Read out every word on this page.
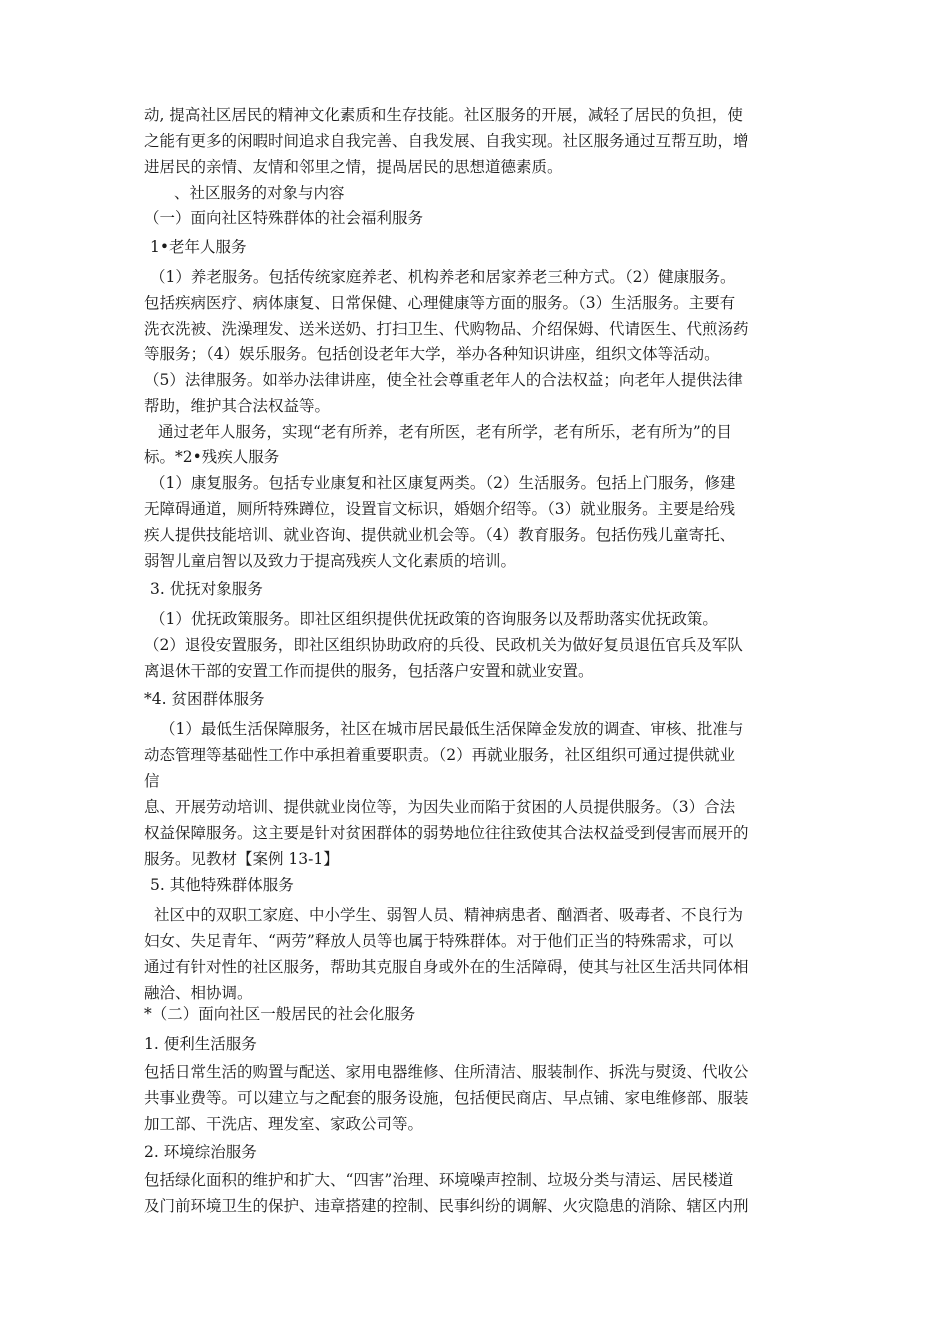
动, 提高社区居民的精神文化素质和生存技能。社区服务的开展，减轻了居民的负担，使
之能有更多的闲暇时间追求自我完善、自我发展、自我实现。社区服务通过互帮互助，增
进居民的亲情、友情和邻里之情，提咼居民的思想道德素质。
、社区服务的对象与内容
（一）面向社区特殊群体的社会福利服务
1•老年人服务
（1）养老服务。包括传统家庭养老、机构养老和居家养老三种方式。（2）健康服务。
包括疾病医疗、病体康复、日常保健、心理健康等方面的服务。（3）生活服务。主要有
洗衣洗被、洗澡理发、送米送奶、打扫卫生、代购物品、介绍保姆、代请医生、代煎汤药
等服务；（4）娱乐服务。包括创设老年大学，举办各种知识讲座，组织文体等活动。
（5）法律服务。如举办法律讲座，使全社会尊重老年人的合法权益；向老年人提供法律
帮助，维护其合法权益等。
通过老年人服务，实现“老有所养，老有所医，老有所学，老有所乐，老有所为”的目
标。*2•残疾人服务
（1）康复服务。包括专业康复和社区康复两类。（2）生活服务。包括上门服务，修建
无障碍通道，厕所特殊蹲位，设置盲文标识，婚姻介绍等。（3）就业服务。主要是给残
疾人提供技能培训、就业咨询、提供就业机会等。（4）教育服务。包括伤残儿童寄托、
弱智儿童启智以及致力于提高残疾人文化素质的培训。
3. 优抚对象服务
（1）优抚政策服务。即社区组织提供优抚政策的咨询服务以及帮助落实优抚政策。
（2）退役安置服务，即社区组织协助政府的兵役、民政机关为做好复员退伍官兵及军队
离退休干部的安置工作而提供的服务，包括落户安置和就业安置。
*4. 贫困群体服务
（1）最低生活保障服务，社区在城市居民最低生活保障金发放的调查、审核、批准与
动态管理等基础性工作中承担着重要职责。（2）再就业服务，社区组织可通过提供就业
信
息、开展劳动培训、提供就业岗位等，为因失业而陷于贫困的人员提供服务。（3）合法
权益保障服务。这主要是针对贫困群体的弱势地位往往致使其合法权益受到侵害而展开的
服务。见教材【案例 13-1】
5. 其他特殊群体服务
社区中的双职工家庭、中小学生、弱智人员、精神病患者、酗酒者、吸毒者、不良行为
妇女、失足青年、“两劳”释放人员等也属于特殊群体。对于他们正当的特殊需求，可以
通过有针对性的社区服务，帮助其克服自身或外在的生活障碍，使其与社区生活共同体相
融洽、相协调。
*（二）面向社区一般居民的社会化服务
1. 便利生活服务
包括日常生活的购置与配送、家用电器维修、住所清洁、服装制作、拆洗与熨烫、代收公
共事业费等。可以建立与之配套的服务设施，包括便民商店、早点铺、家电维修部、服装
加工部、干洗店、理发室、家政公司等。
2. 环境综治服务
包括绿化面积的维护和扩大、“四害”治理、环境噪声控制、垃圾分类与清运、居民楼道
及门前环境卫生的保护、违章搭建的控制、民事纠纷的调解、火灾隐患的消除、辖区内刑
